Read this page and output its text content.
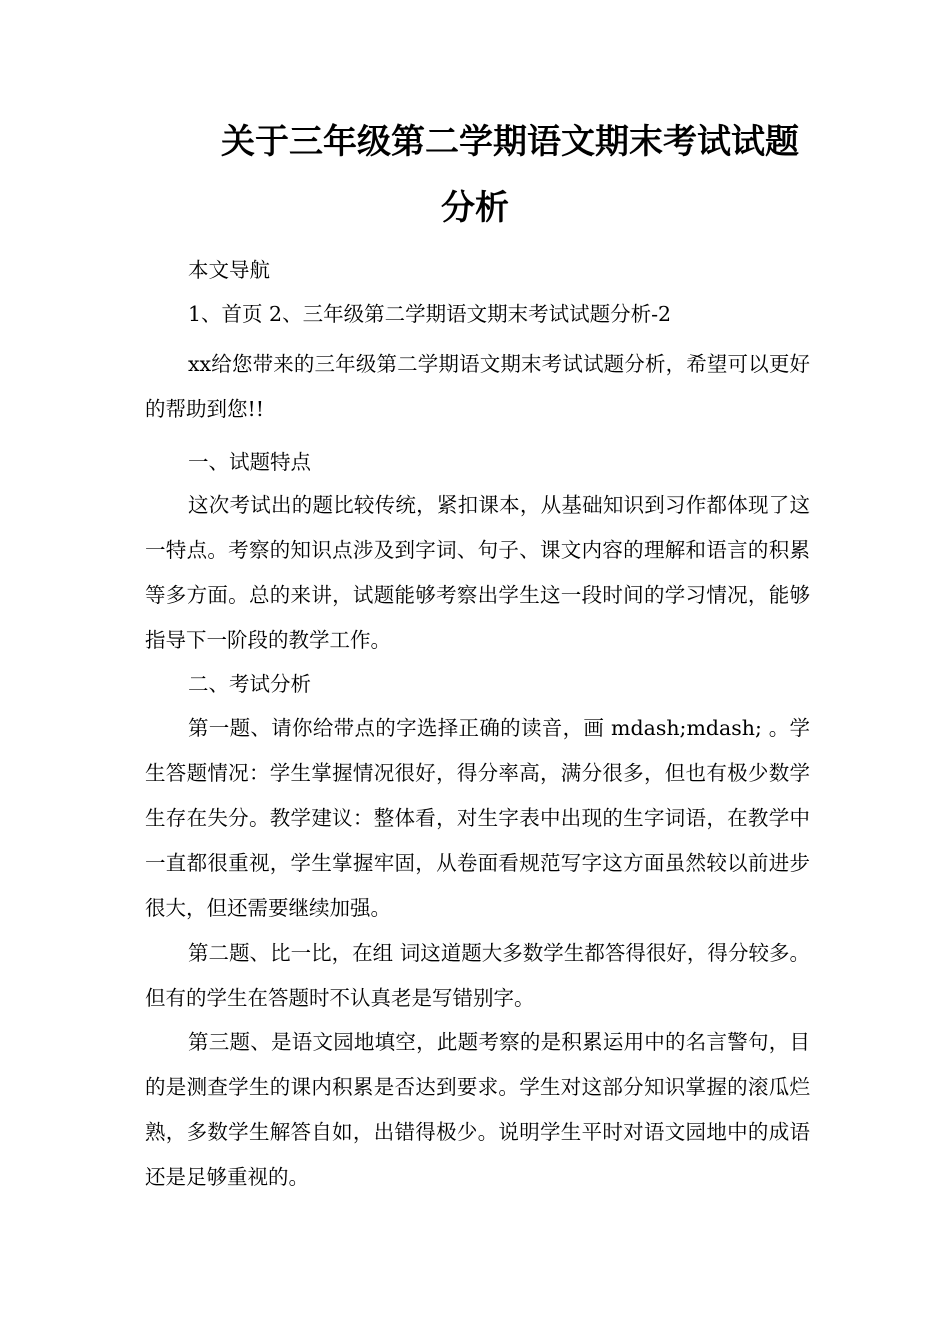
关于三年级第二学期语文期末考试试题
分析
本文导航
1、首页 2、三年级第二学期语文期末考试试题分析-2
xx给您带来的三年级第二学期语文期末考试试题分析，希望可以更好的帮助到您!!
一、试题特点
这次考试出的题比较传统，紧扣课本，从基础知识到习作都体现了这一特点。考察的知识点涉及到字词、句子、课文内容的理解和语言的积累等多方面。总的来讲，试题能够考察出学生这一段时间的学习情况，能够指导下一阶段的教学工作。
二、考试分析
第一题、请你给带点的字选择正确的读音，画 mdash;mdash; 。学生答题情况：学生掌握情况很好，得分率高，满分很多，但也有极少数学生存在失分。教学建议：整体看，对生字表中出现的生字词语，在教学中一直都很重视，学生掌握牢固，从卷面看规范写字这方面虽然较以前进步很大，但还需要继续加强。
第二题、比一比，在组 词这道题大多数学生都答得很好，得分较多。但有的学生在答题时不认真老是写错别字。
第三题、是语文园地填空，此题考察的是积累运用中的名言警句，目的是测查学生的课内积累是否达到要求。学生对这部分知识掌握的滚瓜烂熟，多数学生解答自如，出错得极少。说明学生平时对语文园地中的成语还是足够重视的。
